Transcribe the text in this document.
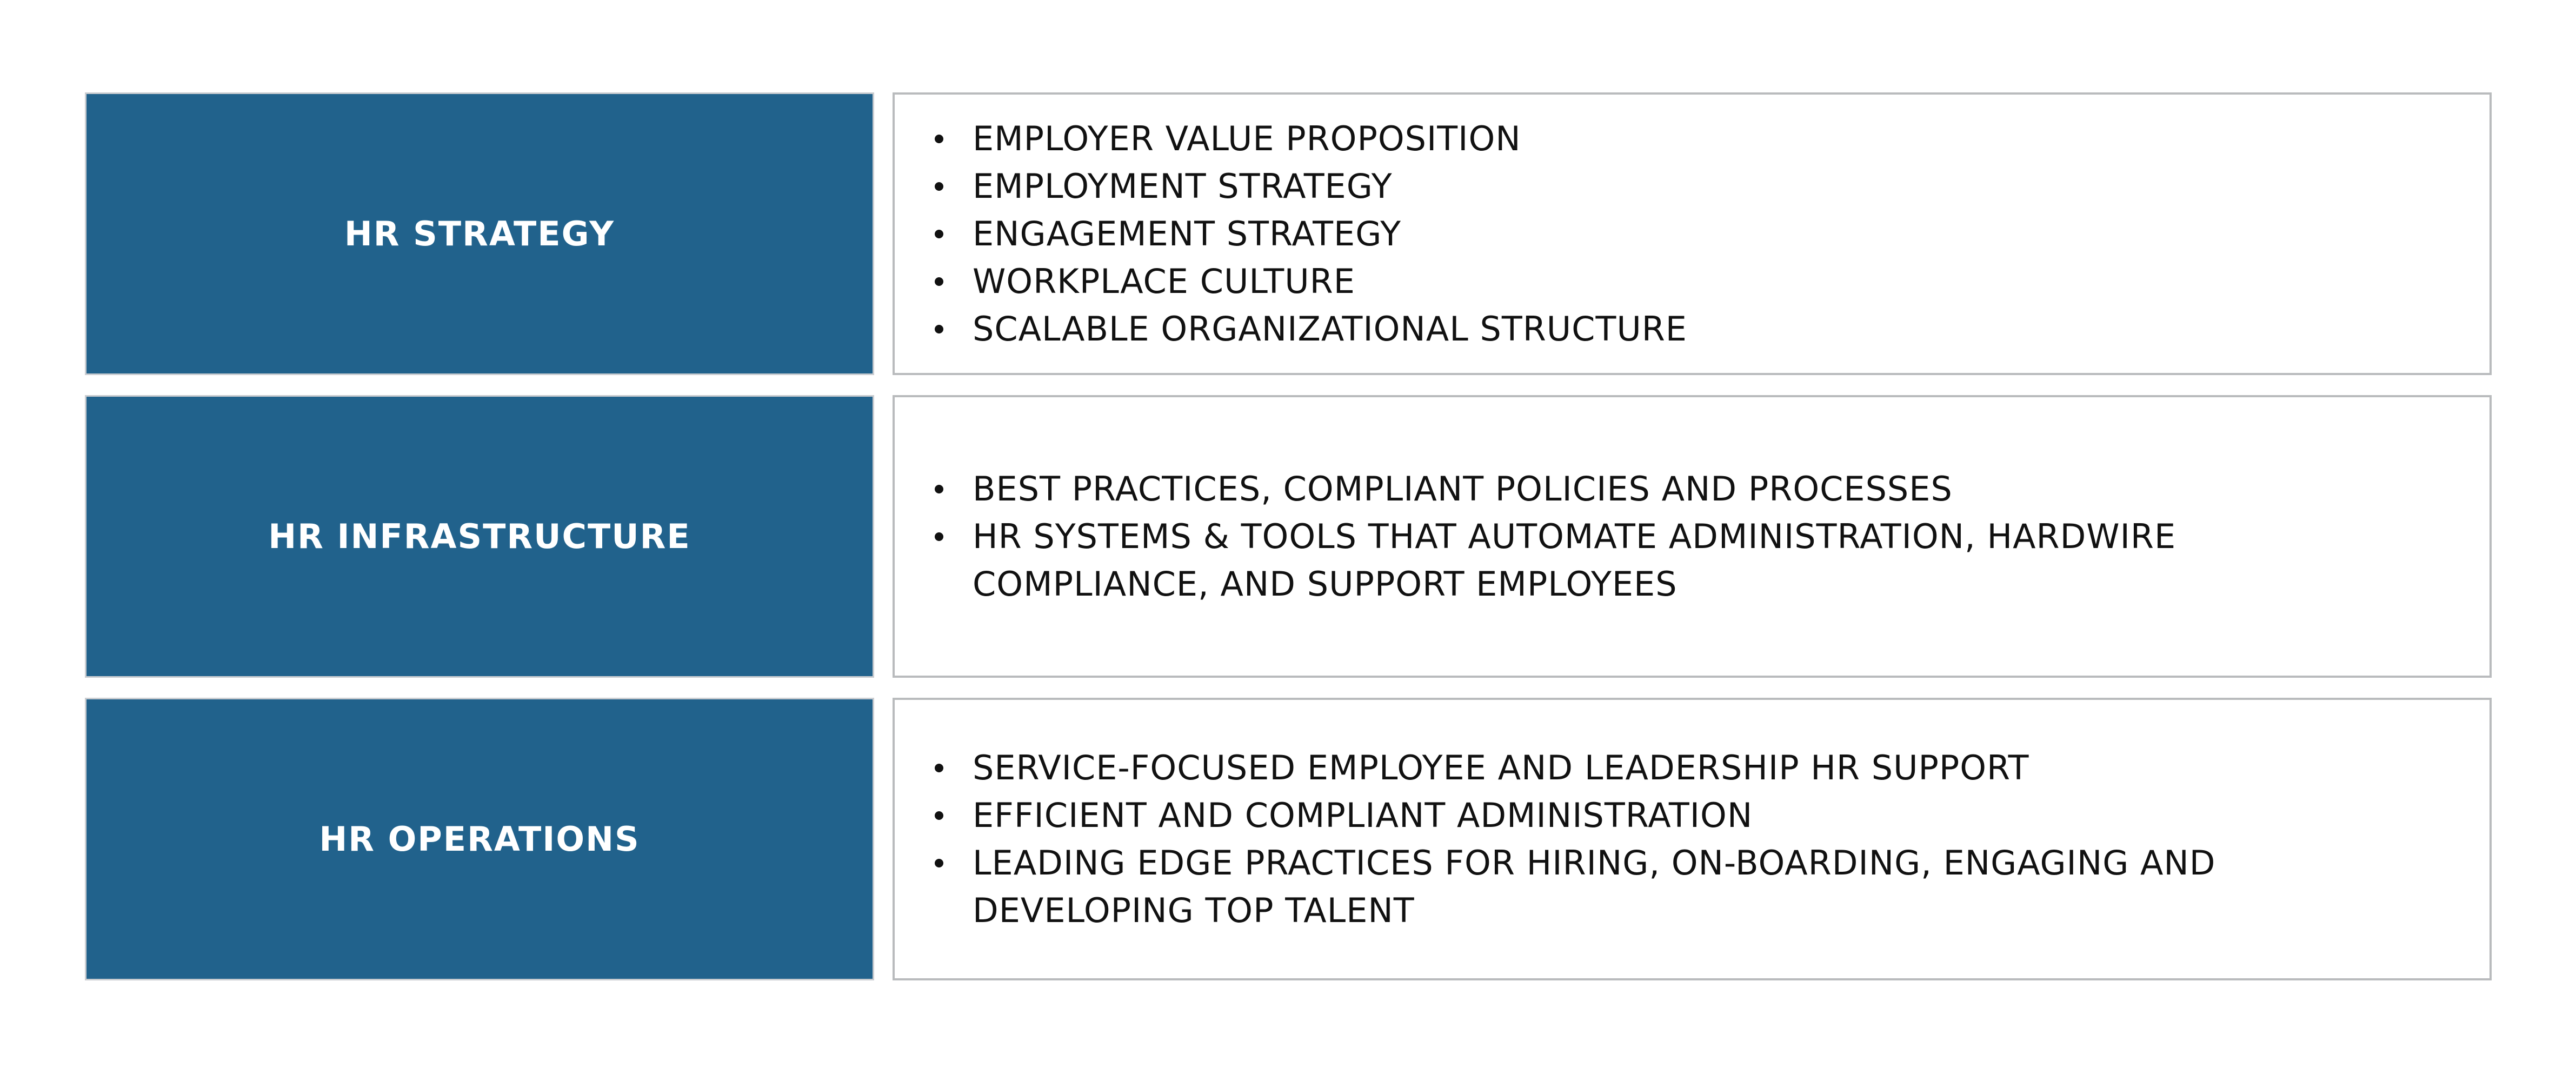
HR STRATEGY
EMPLOYER VALUE PROPOSITION
EMPLOYMENT STRATEGY
ENGAGEMENT STRATEGY
WORKPLACE CULTURE
SCALABLE ORGANIZATIONAL STRUCTURE
HR INFRASTRUCTURE
BEST PRACTICES, COMPLIANT POLICIES AND PROCESSES
HR SYSTEMS & TOOLS THAT AUTOMATE ADMINISTRATION, HARDWIRE COMPLIANCE, AND SUPPORT EMPLOYEES
HR OPERATIONS
SERVICE-FOCUSED EMPLOYEE AND LEADERSHIP HR SUPPORT
EFFICIENT AND COMPLIANT ADMINISTRATION
LEADING EDGE PRACTICES FOR HIRING, ON-BOARDING, ENGAGING AND DEVELOPING TOP TALENT
